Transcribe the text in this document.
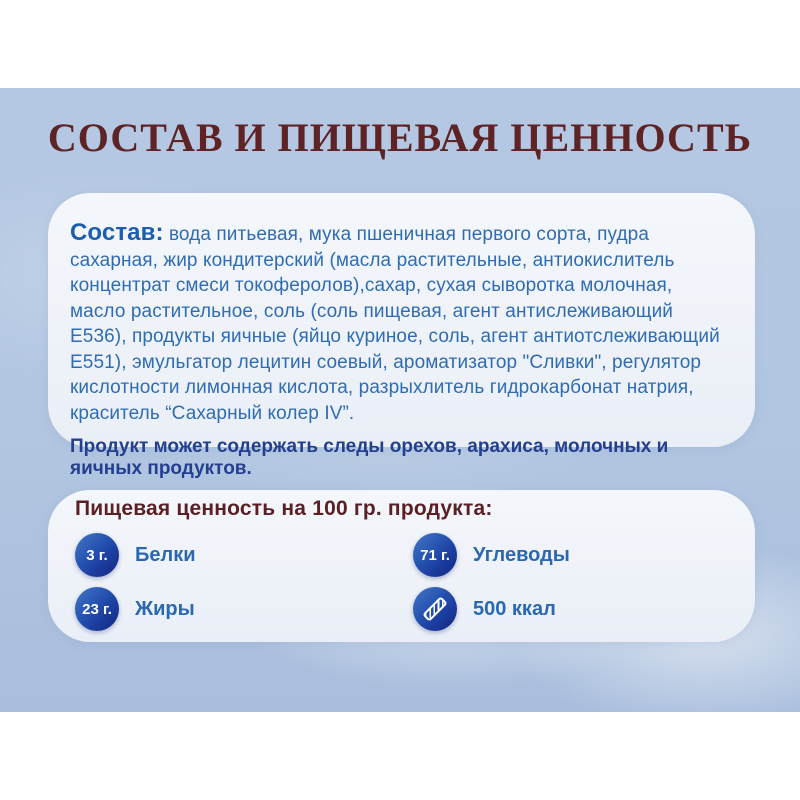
СОСТАВ И ПИЩЕВАЯ ЦЕННОСТЬ

Состав: вода питьевая, мука пшеничная первого сорта, пудра сахарная, жир кондитерский (масла растительные, антиокислитель концентрат смеси токоферолов),сахар, сухая сыворотка молочная, масло растительное, соль (соль пищевая, агент антислеживающий Е536), продукты яичные (яйцо куриное, соль, агент антиотслеживающий Е551), эмульгатор лецитин соевый, ароматизатор "Сливки", регулятор кислотности лимонная кислота, разрыхлитель гидрокарбонат натрия, краситель “Сахарный колер IV”.

Продукт может содержать следы орехов, арахиса, молочных и яичных продуктов.

Пищевая ценность на 100 гр. продукта:
3 г. Белки
23 г. Жиры
71 г. Углеводы
500 ккал
